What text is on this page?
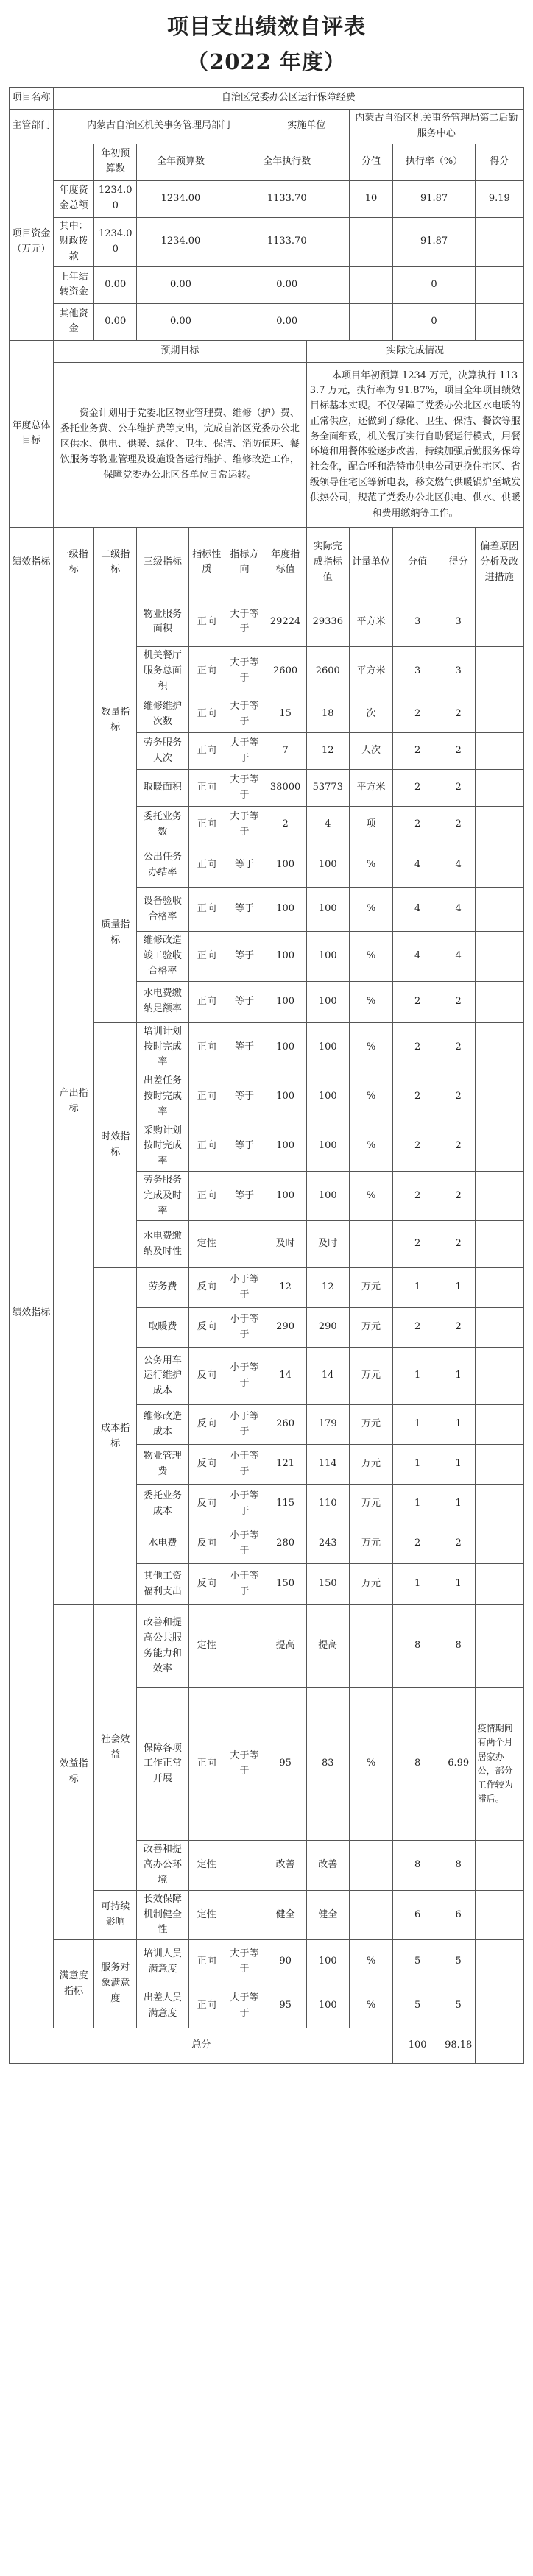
项目支出绩效自评表
（2022 年度）
项目名称	自治区党委办公区运行保障经费										
主管部门	内蒙古自治区机关事务管理局部门					实施单位		内蒙古自治区机关事务管理局第二后勤服务中心			
项目资金（万元）		年初预算数	全年预算数		全年执行数			分值	执行率（%）		得分
	年度资金总额	1234.00	1234.00		1133.70			10	91.87		9.19
	其中：财政拨款	1234.00	1234.00		1133.70				91.87		
	上年结转资金	0.00	0.00		0.00				0		
	其他资金	0.00	0.00		0.00				0		
年度总体目标	预期目标						实际完成情况				
	资金计划用于党委北区物业管理费、维修（护）费、委托业务费、公车维护费等支出，完成自治区党委办公北区供水、供电、供暖、绿化、卫生、保洁、消防值班、餐饮服务等物业管理及设施设备运行维护、维修改造工作，保障党委办公北区各单位日常运转。						本项目年初预算 1234 万元，决算执行 1133.7 万元，执行率为 91.87%，项目全年项目绩效目标基本实现。不仅保障了党委办公北区水电暖的正常供应，还做到了绿化、卫生、保洁、餐饮等服务全面细致，机关餐厅实行自助餐运行模式，用餐环境和用餐体验逐步改善，持续加强后勤服务保障社会化，配合呼和浩特市供电公司更换住宅区、省级领导住宅区等新电表，移交燃气供暖锅炉至城发供热公司，规范了党委办公北区供电、供水、供暖和费用缴纳等工作。				
绩效指标	一级指标	二级指标	三级指标	指标性质	指标方向	年度指标值	实际完成指标值	计量单位	分值	得分	偏差原因分析及改进措施
绩效指标	产出指标	数量指标	物业服务面积	正向	大于等于	29224	29336	平方米	3	3	
			机关餐厅服务总面积	正向	大于等于	2600	2600	平方米	3	3	
			维修维护次数	正向	大于等于	15	18	次	2	2	
			劳务服务人次	正向	大于等于	7	12	人次	2	2	
			取暖面积	正向	大于等于	38000	53773	平方米	2	2	
			委托业务数	正向	大于等于	2	4	项	2	2	
		质量指标	公出任务办结率	正向	等于	100	100	%	4	4	
			设备验收合格率	正向	等于	100	100	%	4	4	
			维修改造竣工验收合格率	正向	等于	100	100	%	4	4	
			水电费缴纳足额率	正向	等于	100	100	%	2	2	
		时效指标	培训计划按时完成率	正向	等于	100	100	%	2	2	
			出差任务按时完成率	正向	等于	100	100	%	2	2	
			采购计划按时完成率	正向	等于	100	100	%	2	2	
			劳务服务完成及时率	正向	等于	100	100	%	2	2	
			水电费缴纳及时性	定性		及时	及时		2	2	
		成本指标	劳务费	反向	小于等于	12	12	万元	1	1	
			取暖费	反向	小于等于	290	290	万元	2	2	
			公务用车运行维护成本	反向	小于等于	14	14	万元	1	1	
			维修改造成本	反向	小于等于	260	179	万元	1	1	
			物业管理费	反向	小于等于	121	114	万元	1	1	
			委托业务成本	反向	小于等于	115	110	万元	1	1	
			水电费	反向	小于等于	280	243	万元	2	2	
			其他工资福利支出	反向	小于等于	150	150	万元	1	1	
	效益指标	社会效益	改善和提高公共服务能力和效率	定性		提高	提高		8	8	
			保障各项工作正常开展	正向	大于等于	95	83	%	8	6.99	疫情期间有两个月居家办公，部分工作较为滞后。
			改善和提高办公环境	定性		改善	改善		8	8	
		可持续影响	长效保障机制健全性	定性		健全	健全		6	6	
	满意度指标	服务对象满意度	培训人员满意度	正向	大于等于	90	100	%	5	5	
			出差人员满意度	正向	大于等于	95	100	%	5	5	
总分									100	98.18	
